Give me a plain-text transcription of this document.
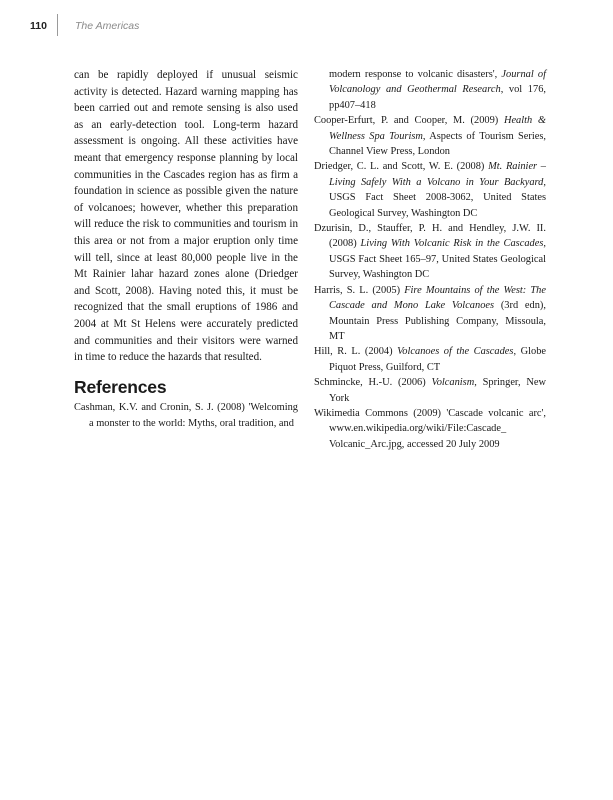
110	The Americas

can be rapidly deployed if unusual seismic activity is detected. Hazard warning mapping has been carried out and remote sensing is also used as an early-detection tool. Long-term hazard assessment is ongoing. All these activities have meant that emergency response planning by local communities in the Cascades region has as firm a foundation in science as possible given the nature of volcanoes; however, whether this preparation will reduce the risk to communities and tourism in this area or not from a major eruption only time will tell, since at least 80,000 people live in the Mt Rainier lahar hazard zones alone (Driedger and Scott, 2008). Having noted this, it must be recognized that the small eruptions of 1986 and 2004 at Mt St Helens were accurately predicted and communities and their visitors were warned in time to reduce the hazards that resulted.

References

Cashman, K.V. and Cronin, S. J. (2008) 'Welcoming a monster to the world: Myths, oral tradition, and

modern response to volcanic disasters', Journal of Volcanology and Geothermal Research, vol 176, pp407–418

Cooper-Erfurt, P. and Cooper, M. (2009) Health & Wellness Spa Tourism, Aspects of Tourism Series, Channel View Press, London

Driedger, C. L. and Scott, W. E. (2008) Mt. Rainier – Living Safely With a Volcano in Your Backyard, USGS Fact Sheet 2008-3062, United States Geological Survey, Washington DC

Dzurisin, D., Stauffer, P. H. and Hendley, J.W. II. (2008) Living With Volcanic Risk in the Cascades, USGS Fact Sheet 165–97, United States Geological Survey, Washington DC

Harris, S. L. (2005) Fire Mountains of the West: The Cascade and Mono Lake Volcanoes (3rd edn), Mountain Press Publishing Company, Missoula, MT

Hill, R. L. (2004) Volcanoes of the Cascades, Globe Piquot Press, Guilford, CT

Schmincke, H.-U. (2006) Volcanism, Springer, New York

Wikimedia Commons (2009) 'Cascade volcanic arc', www.en.wikipedia.org/wiki/File:Cascade_ Volcanic_Arc.jpg, accessed 20 July 2009
